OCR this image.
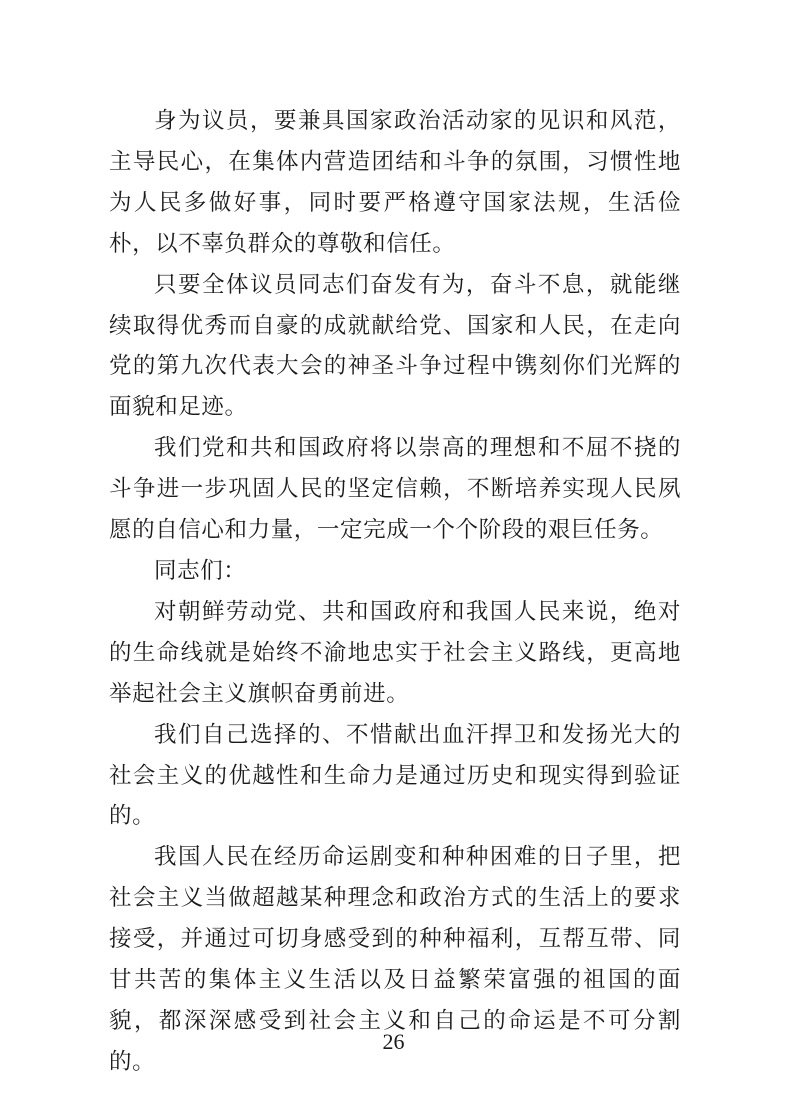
身为议员，要兼具国家政治活动家的见识和风范，主导民心，在集体内营造团结和斗争的氛围，习惯性地为人民多做好事，同时要严格遵守国家法规，生活俭朴，以不辜负群众的尊敬和信任。

只要全体议员同志们奋发有为，奋斗不息，就能继续取得优秀而自豪的成就献给党、国家和人民，在走向党的第九次代表大会的神圣斗争过程中镌刻你们光辉的面貌和足迹。

我们党和共和国政府将以崇高的理想和不屈不挠的斗争进一步巩固人民的坚定信赖，不断培养实现人民夙愿的自信心和力量，一定完成一个个阶段的艰巨任务。

同志们：

对朝鲜劳动党、共和国政府和我国人民来说，绝对的生命线就是始终不渝地忠实于社会主义路线，更高地举起社会主义旗帜奋勇前进。

我们自己选择的、不惜献出血汗捍卫和发扬光大的社会主义的优越性和生命力是通过历史和现实得到验证的。

我国人民在经历命运剧变和种种困难的日子里，把社会主义当做超越某种理念和政治方式的生活上的要求接受，并通过可切身感受到的种种福利，互帮互带、同甘共苦的集体主义生活以及日益繁荣富强的祖国的面貌，都深深感受到社会主义和自己的命运是不可分割的。

26
